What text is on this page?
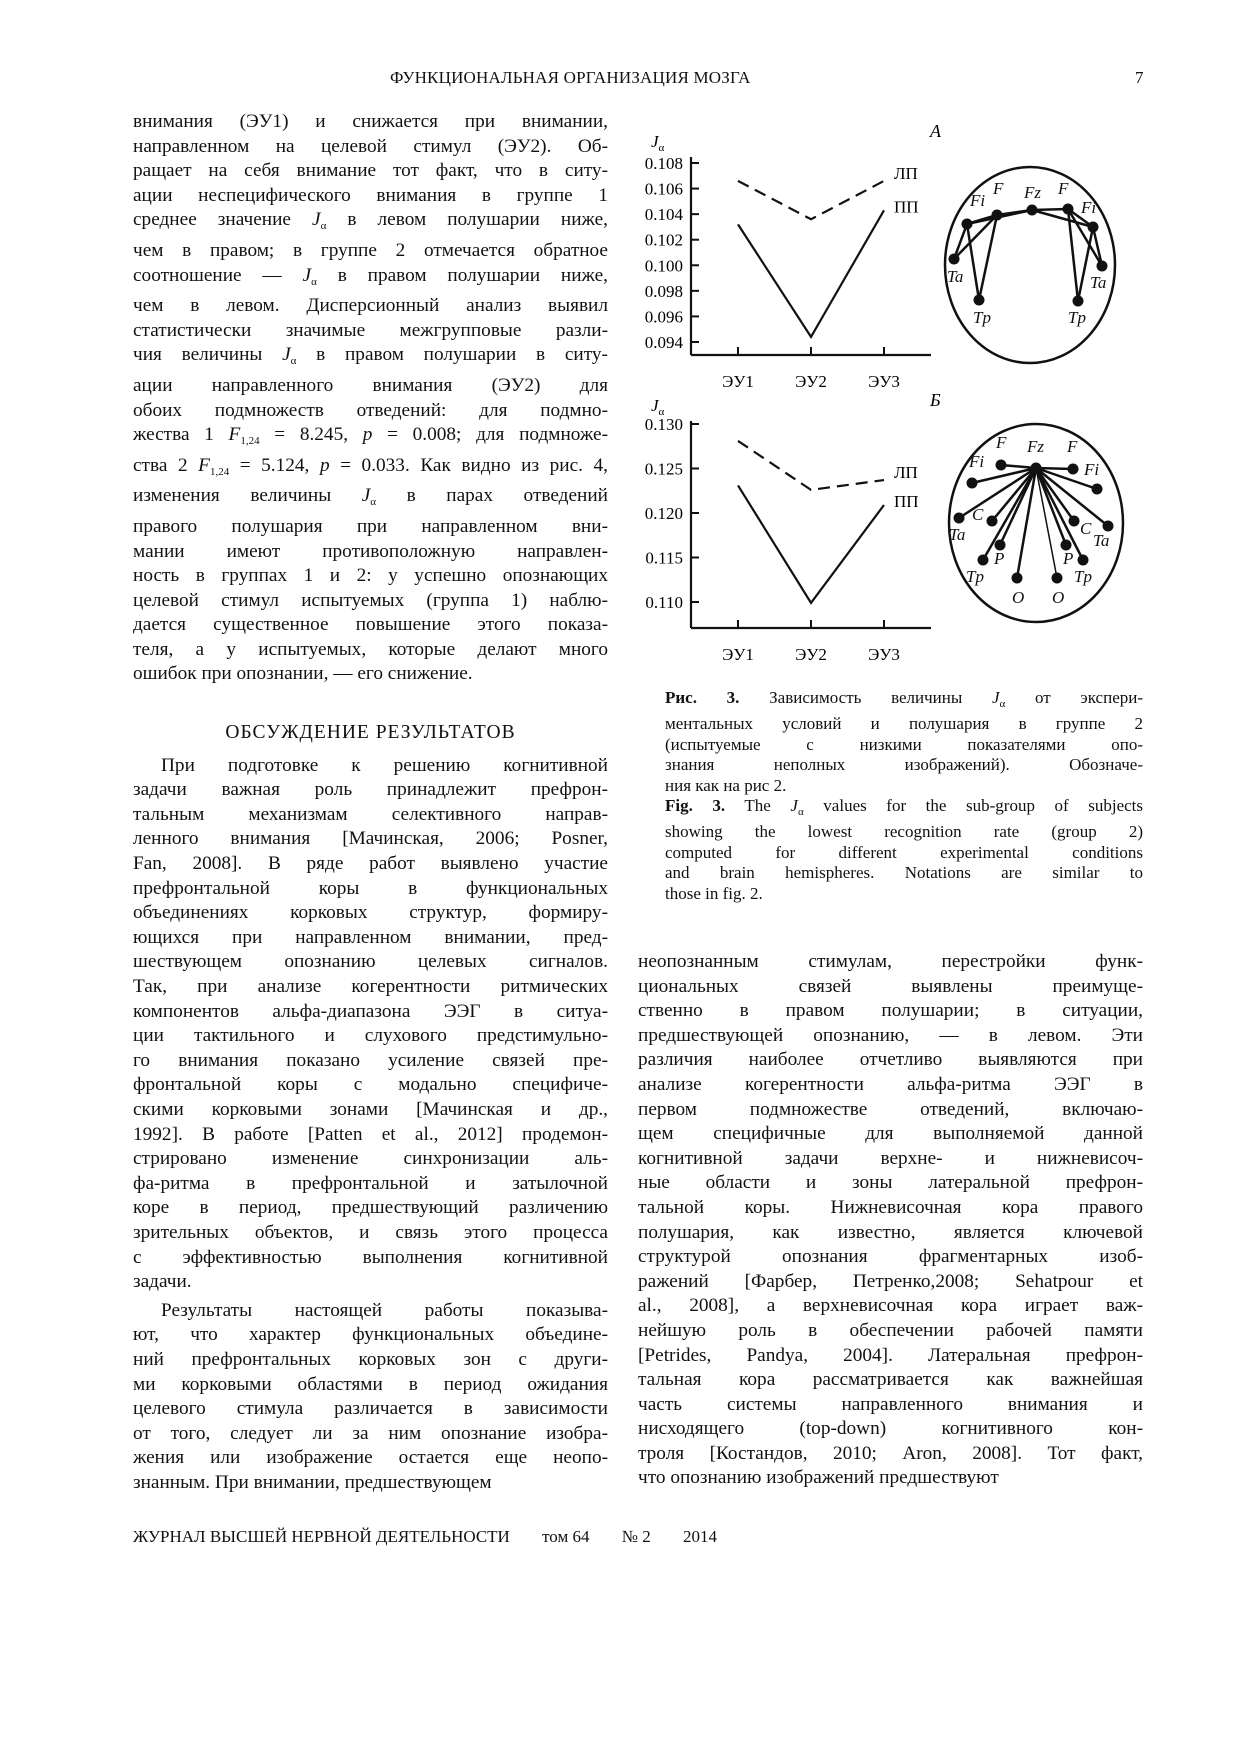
ФУНКЦИОНАЛЬНАЯ ОРГАНИЗАЦИЯ МОЗГА	7

внимания (ЭУ1) и снижается при внимании,
направленном на целевой стимул (ЭУ2). Об-
ращает на себя внимание тот факт, что в ситу-
ации неспецифического внимания в группе 1
среднее значение $J_\alpha$ в левом полушарии ниже,
чем в правом; в группе 2 отмечается обратное
соотношение — $J_\alpha$ в правом полушарии ниже,
чем в левом. Дисперсионный анализ выявил
статистически значимые межгрупповые разли-
чия величины $J_\alpha$ в правом полушарии в ситу-
ации направленного внимания (ЭУ2) для
обоих подмножеств отведений: для подмно-
жества 1 $F_{1,24} = 8.245$, p = 0.008; для подмноже-
ства 2 $F_{1,24} = 5.124$, p = 0.033. Как видно из рис. 4,
изменения величины $J_\alpha$ в парах отведений
правого полушария при направленном вни-
мании имеют противоположную направлен-
ность в группах 1 и 2: у успешно опознающих
целевой стимул испытуемых (группа 1) наблю-
дается существенное повышение этого показа-
теля, а у испытуемых, которые делают много
ошибок при опознании, — его снижение.

ОБСУЖДЕНИЕ РЕЗУЛЬТАТОВ

При подготовке к решению когнитивной
задачи важная роль принадлежит префрон-
тальным механизмам селективного направ-
ленного внимания [Мачинская, 2006; Posner,
Fan, 2008]. В ряде работ выявлено участие
префронтальной коры в функциональных
объединениях корковых структур, формиру-
ющихся при направленном внимании, пред-
шествующем опознанию целевых сигналов.
Так, при анализе когерентности ритмических
компонентов альфа-диапазона ЭЭГ в ситуа-
ции тактильного и слухового предстимульно-
го внимания показано усиление связей пре-
фронтальной коры с модально специфиче-
скими корковыми зонами [Мачинская и др.,
1992]. В работе [Patten et al., 2012] продемон-
стрировано изменение синхронизации аль-
фа-ритма в префронтальной и затылочной
коре в период, предшествующий различению
зрительных объектов, и связь этого процесса
с эффективностью выполнения когнитивной
задачи.

Результаты настоящей работы показыва-
ют, что характер функциональных объедине-
ний префронтальных корковых зон с други-
ми корковыми областями в период ожидания
целевого стимула различается в зависимости
от того, следует ли за ним опознание изобра-
жения или изображение остается еще неопо-
знанным. При внимании, предшествующем

0.094
0.096
0.098
0.100
0.102
0.104
0.106
0.108
$J_\alpha$
ЭУ1 ЭУ2 ЭУ3
ЛП
ПП
А
F
Fi Fz F
Fi
Ta
Tp
Ta
Tp
0.110
0.115
0.120
0.125
0.130
$J_\alpha$
ЭУ1 ЭУ2 ЭУ3
ЛП
ПП
Б
F Fz F
Fi	Fi
C
Ta	C
Ta
P
Tp
P
Tp
O O
Рис. 3. Зависимость величины $J_\alpha$ от экспери-
ментальных условий и полушария в группе 2
(испытуемые с низкими показателями опо-
знания неполных изображений). Обозначе-
ния как на рис 2.
Fig. 3. The $J_\alpha$ values for the sub-group of subjects
showing the lowest recognition rate (group 2)
computed for different experimental conditions
and brain hemispheres. Notations are similar to
those in fig. 2.

неопознанным стимулам, перестройки функ-
циональных связей выявлены преимуще-
ственно в правом полушарии; в ситуации,
предшествующей опознанию, — в левом. Эти
различия наиболее отчетливо выявляются при
анализе когерентности альфа-ритма ЭЭГ в
первом подмножестве отведений, включаю-
щем специфичные для выполняемой данной
когнитивной задачи верхне- и нижневисоч-
ные области и зоны латеральной префрон-
тальной коры. Нижневисочная кора правого
полушария, как известно, является ключевой
структурой опознания фрагментарных изоб-
ражений [Фарбер, Петренко,2008; Sehatpour et
al., 2008], а верхневисочная кора играет важ-
нейшую роль в обеспечении рабочей памяти
[Petrides, Pandya, 2004]. Латеральная префрон-
тальная кора рассматривается как важнейшая
часть системы направленного внимания и
нисходящего (top-down) когнитивного кон-
троля [Костандов, 2010; Aron, 2008]. Тот факт,
что опознанию изображений предшествуют

ЖУРНАЛ ВЫСШЕЙ НЕРВНОЙ ДЕЯТЕЛЬНОСТИ том 64 № 2 2014
